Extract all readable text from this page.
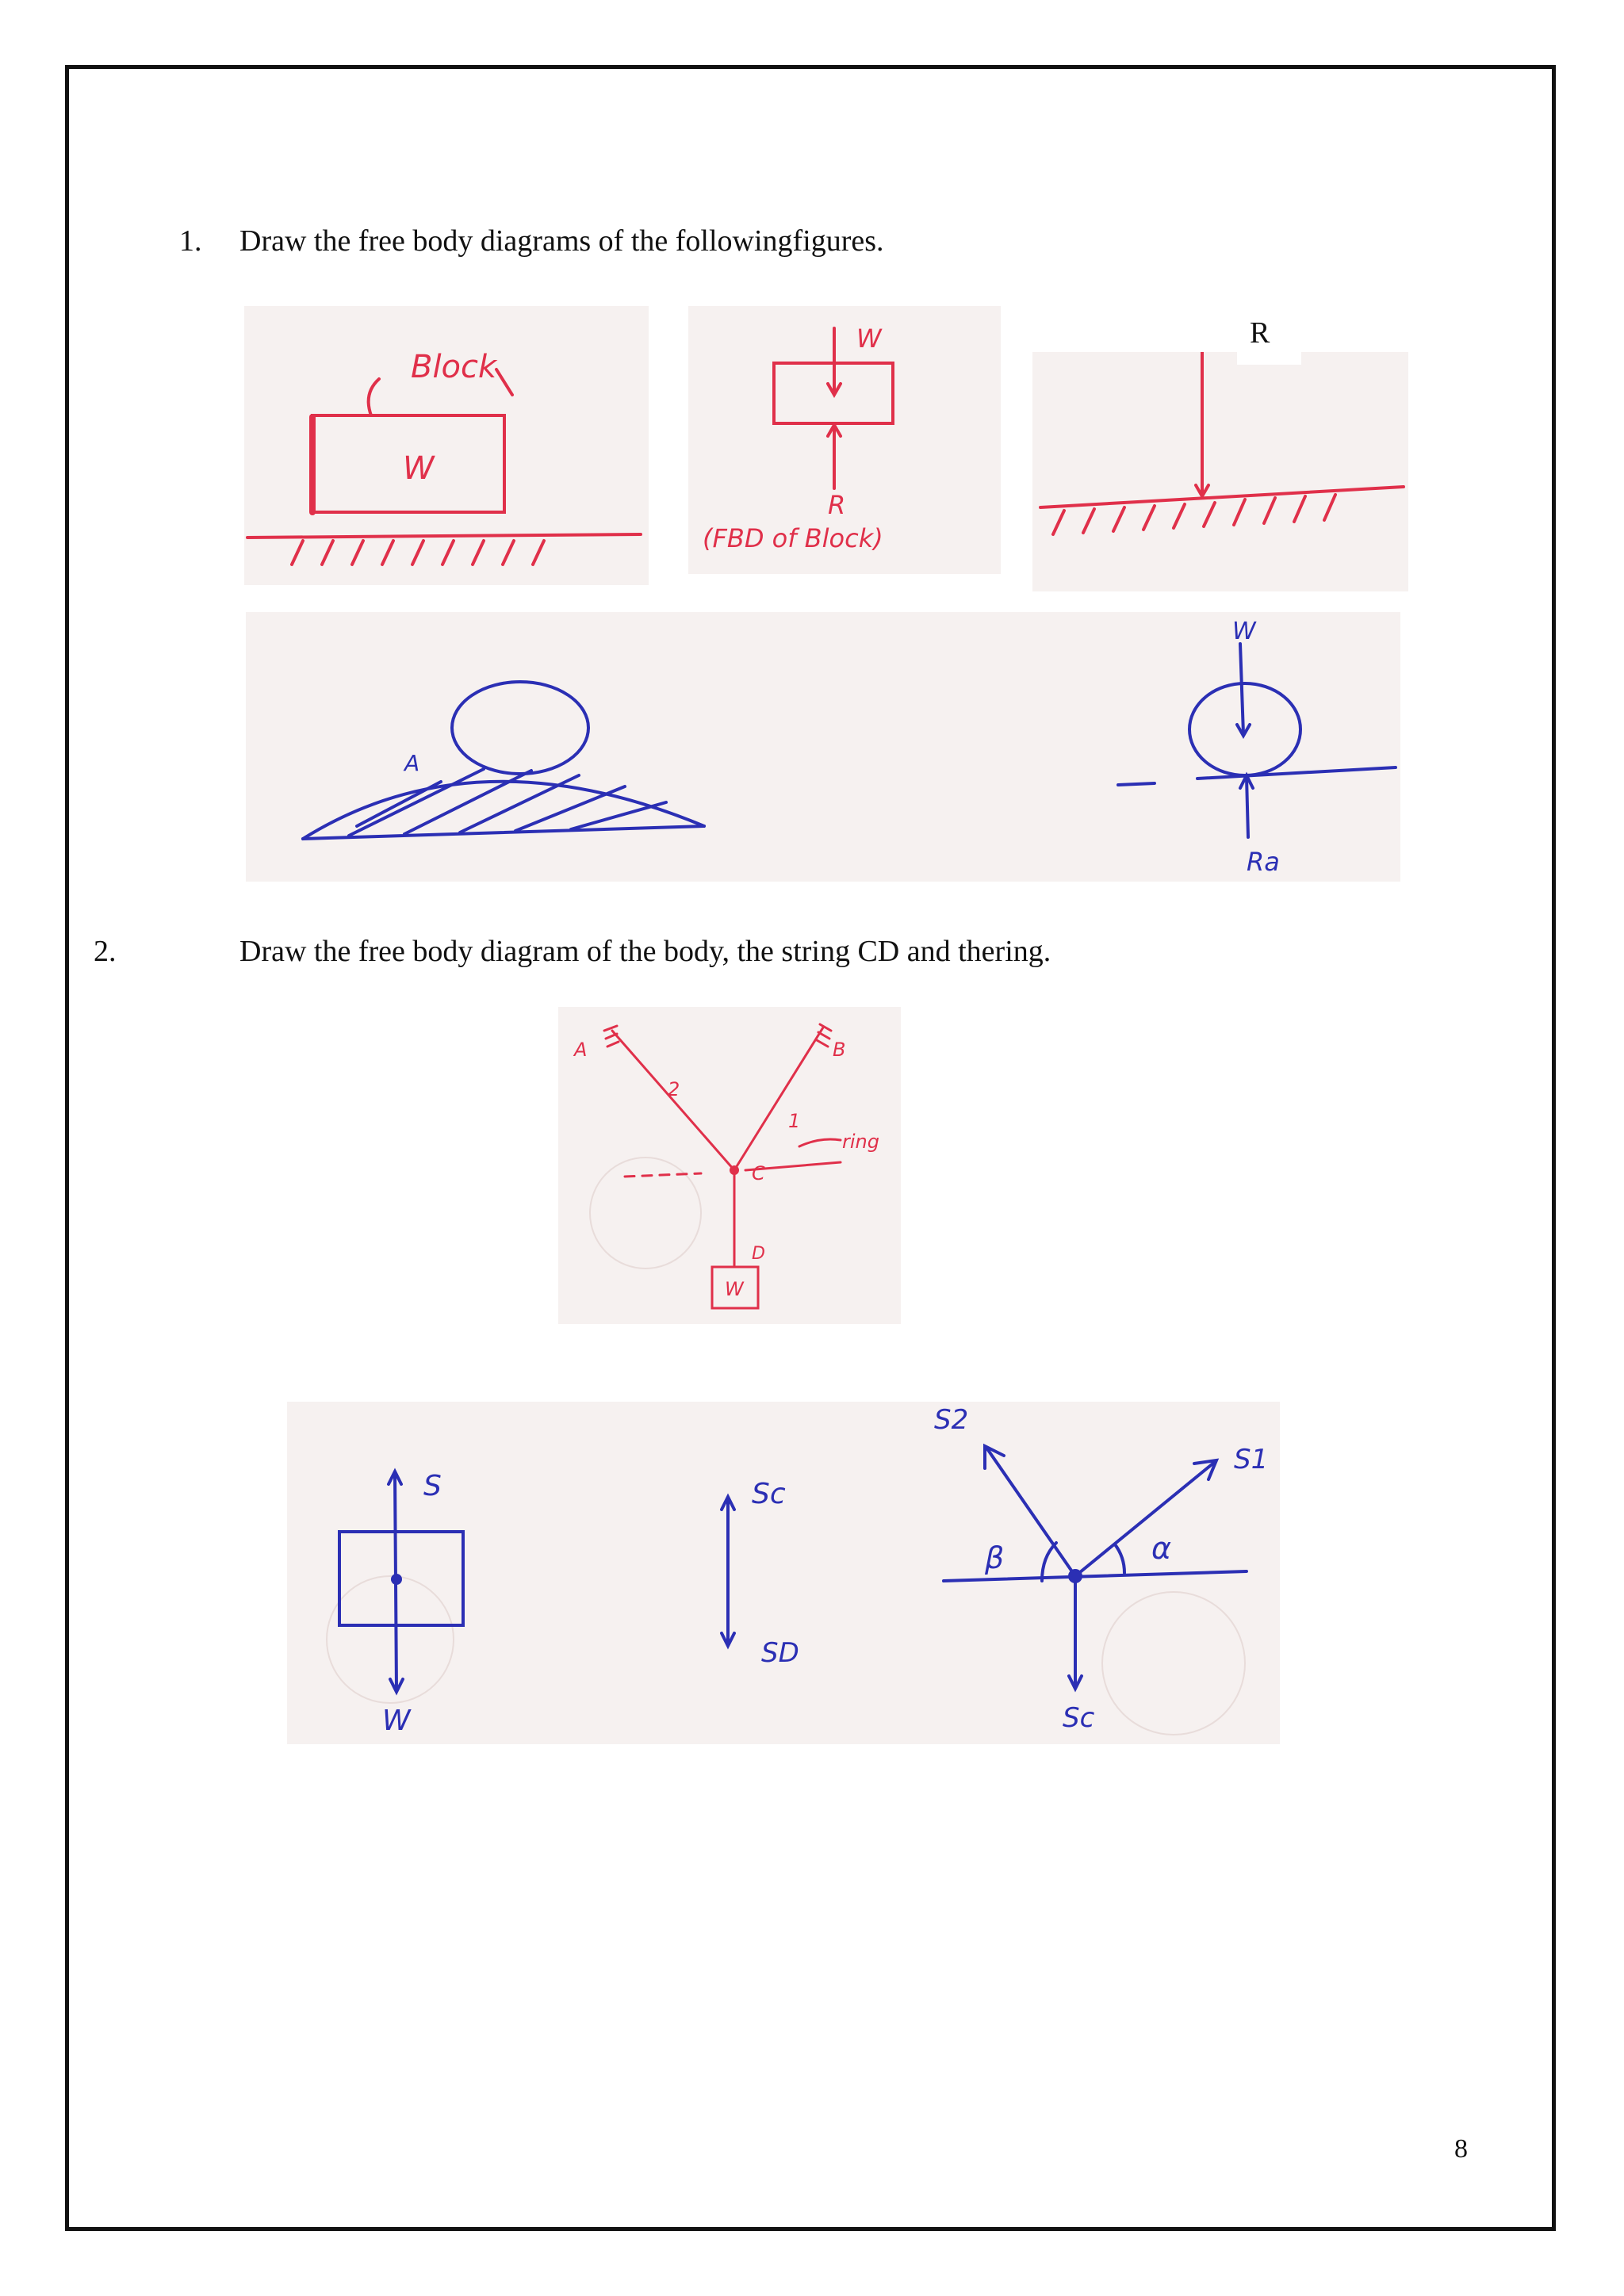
1. Draw the free body diagrams of the followingfigures.
Block
W
W
R
(FBD of Block)
R
A
W
Ra
2.	Draw the free body diagram of the body, the string CD and thering.
A	B
2
1
ring
C
D
W
S
W
Sc
SD
S2
S1
β	α
Sc
8
